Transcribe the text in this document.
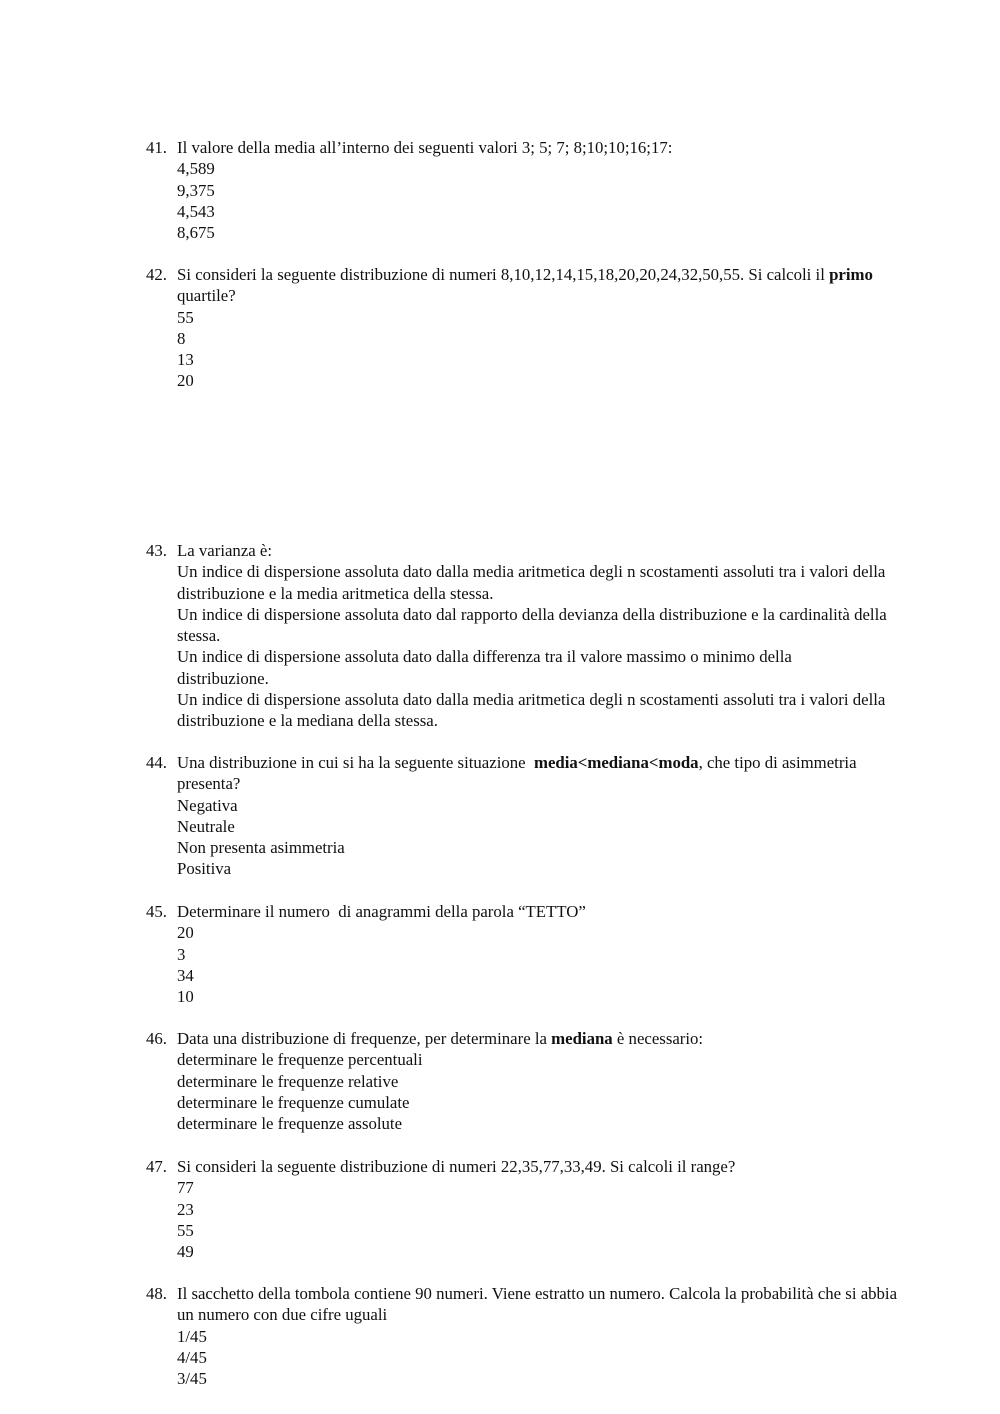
41. Il valore della media all’interno dei seguenti valori 3; 5; 7; 8;10;10;16;17:
4,589
9,375
4,543
8,675
42. Si consideri la seguente distribuzione di numeri 8,10,12,14,15,18,20,20,24,32,50,55. Si calcoli il primo quartile?
55
8
13
20
43. La varianza è:
Un indice di dispersione assoluta dato dalla media aritmetica degli n scostamenti assoluti tra i valori della distribuzione e la media aritmetica della stessa.
Un indice di dispersione assoluta dato dal rapporto della devianza della distribuzione e la cardinalità della stessa.
Un indice di dispersione assoluta dato dalla differenza tra il valore massimo o minimo della distribuzione.
Un indice di dispersione assoluta dato dalla media aritmetica degli n scostamenti assoluti tra i valori della distribuzione e la mediana della stessa.
44. Una distribuzione in cui si ha la seguente situazione media<mediana<moda, che tipo di asimmetria presenta?
Negativa
Neutrale
Non presenta asimmetria
Positiva
45. Determinare il numero  di anagrammi della parola “TETTO”
20
3
34
10
46. Data una distribuzione di frequenze, per determinare la mediana è necessario:
determinare le frequenze percentuali
determinare le frequenze relative
determinare le frequenze cumulate
determinare le frequenze assolute
47. Si consideri la seguente distribuzione di numeri 22,35,77,33,49. Si calcoli il range?
77
23
55
49
48. Il sacchetto della tombola contiene 90 numeri. Viene estratto un numero. Calcola la probabilità che si abbia un numero con due cifre uguali
1/45
4/45
3/45
